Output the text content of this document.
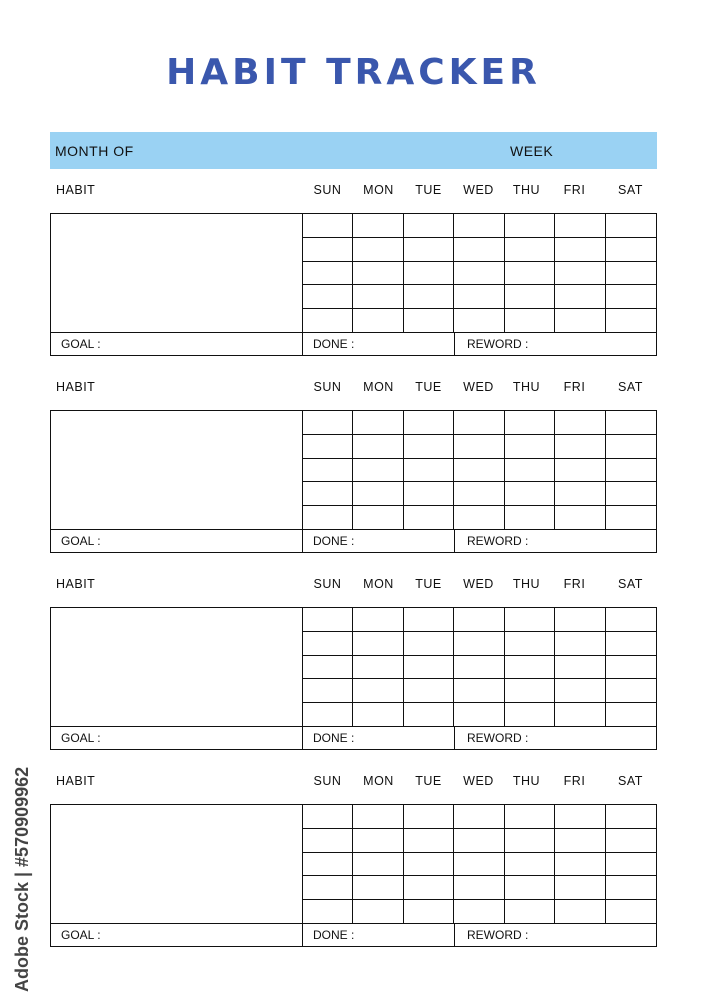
HABIT TRACKER
MONTH OF	WEEK
HABIT	SUN	MON	TUE	WED	THU	FRI	SAT
GOAL :	DONE :	REWORD :
HABIT	SUN	MON	TUE	WED	THU	FRI	SAT
GOAL :	DONE :	REWORD :
HABIT	SUN	MON	TUE	WED	THU	FRI	SAT
GOAL :	DONE :	REWORD :
HABIT	SUN	MON	TUE	WED	THU	FRI	SAT
GOAL :	DONE :	REWORD :
Adobe Stock | #570909962
